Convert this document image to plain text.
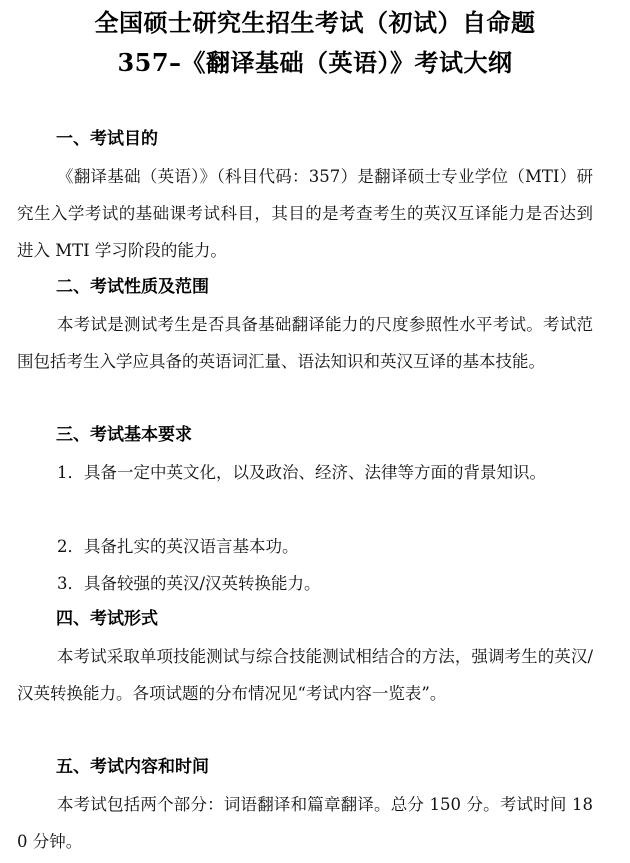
全国硕士研究生招生考试（初试）自命题
357–《翻译基础（英语）》考试大纲
一、考试目的
《翻译基础（英语）》（科目代码：357）是翻译硕士专业学位（MTI）研究生入学考试的基础课考试科目，其目的是考查考生的英汉互译能力是否达到进入 MTI 学习阶段的能力。
二、考试性质及范围
本考试是测试考生是否具备基础翻译能力的尺度参照性水平考试。考试范围包括考生入学应具备的英语词汇量、语法知识和英汉互译的基本技能。
三、考试基本要求
1．具备一定中英文化，以及政治、经济、法律等方面的背景知识。
2．具备扎实的英汉语言基本功。
3．具备较强的英汉/汉英转换能力。
四、考试形式
本考试采取单项技能测试与综合技能测试相结合的方法，强调考生的英汉/汉英转换能力。各项试题的分布情况见“考试内容一览表”。
五、考试内容和时间
本考试包括两个部分：词语翻译和篇章翻译。总分 150 分。考试时间 180 分钟。
